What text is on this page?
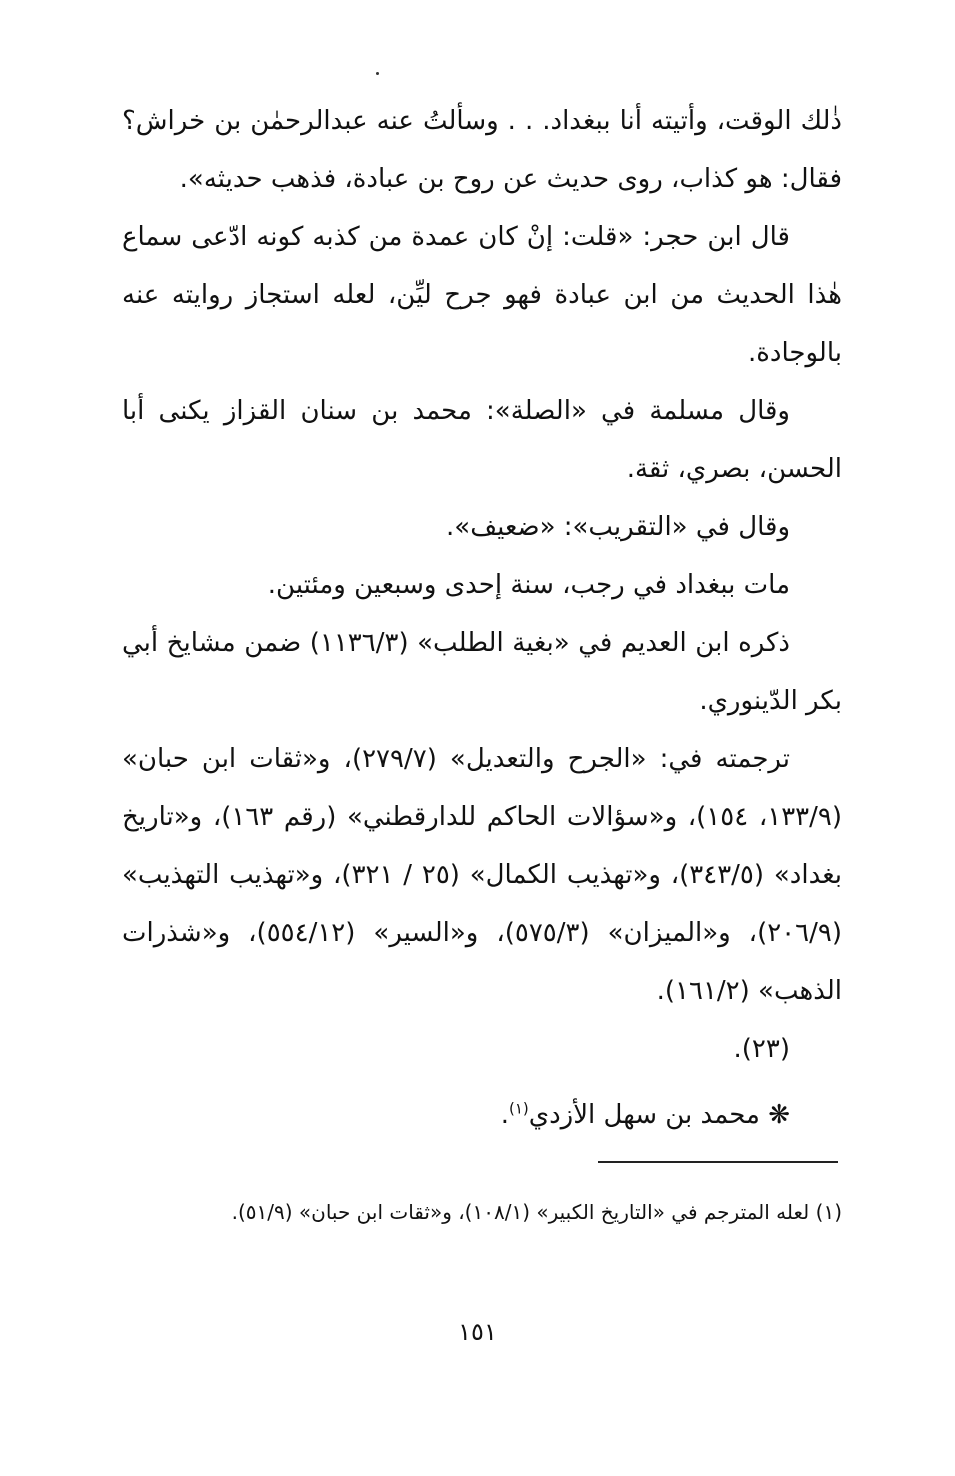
ذٰلك الوقت، وأتيته أنا ببغداد. . . وسألتُ عنه عبدالرحمٰن بن خراش؟ فقال: هو كذاب، روى حديث عن روح بن عبادة، فذهب حديثه».

قال ابن حجر: «قلت: إنْ كان عمدة من كذبه كونه ادّعى سماع هٰذا الحديث من ابن عبادة فهو جرح ليِّن، لعله استجاز روايته عنه بالوجادة.

وقال مسلمة في «الصلة»: محمد بن سنان القزاز يكنى أبا الحسن، بصري، ثقة.

وقال في «التقريب»: «ضعيف».

مات ببغداد في رجب، سنة إحدى وسبعين ومئتين.

ذكره ابن العديم في «بغية الطلب» (١١٣٦/٣) ضمن مشايخ أبي بكر الدّينوري.

ترجمته في: «الجرح والتعديل» (٢٧٩/٧)، و«ثقات ابن حبان» (١٣٣/٩، ١٥٤)، و«سؤالات الحاكم للدارقطني» (رقم ١٦٣)، و«تاريخ بغداد» (٣٤٣/٥)، و«تهذيب الكمال» (٢٥ / ٣٢١)، و«تهذيب التهذيب» (٢٠٦/٩)، و«الميزان» (٥٧٥/٣)، و«السير» (٥٥٤/١٢)، و«شذرات الذهب» (١٦١/٢).

(٢٣).

❋ محمد بن سهل الأزدي$^{(١)}$.

(١) لعله المترجم في «التاريخ الكبير» (١٠٨/١)، و«ثقات ابن حبان» (٥١/٩).

١٥١
